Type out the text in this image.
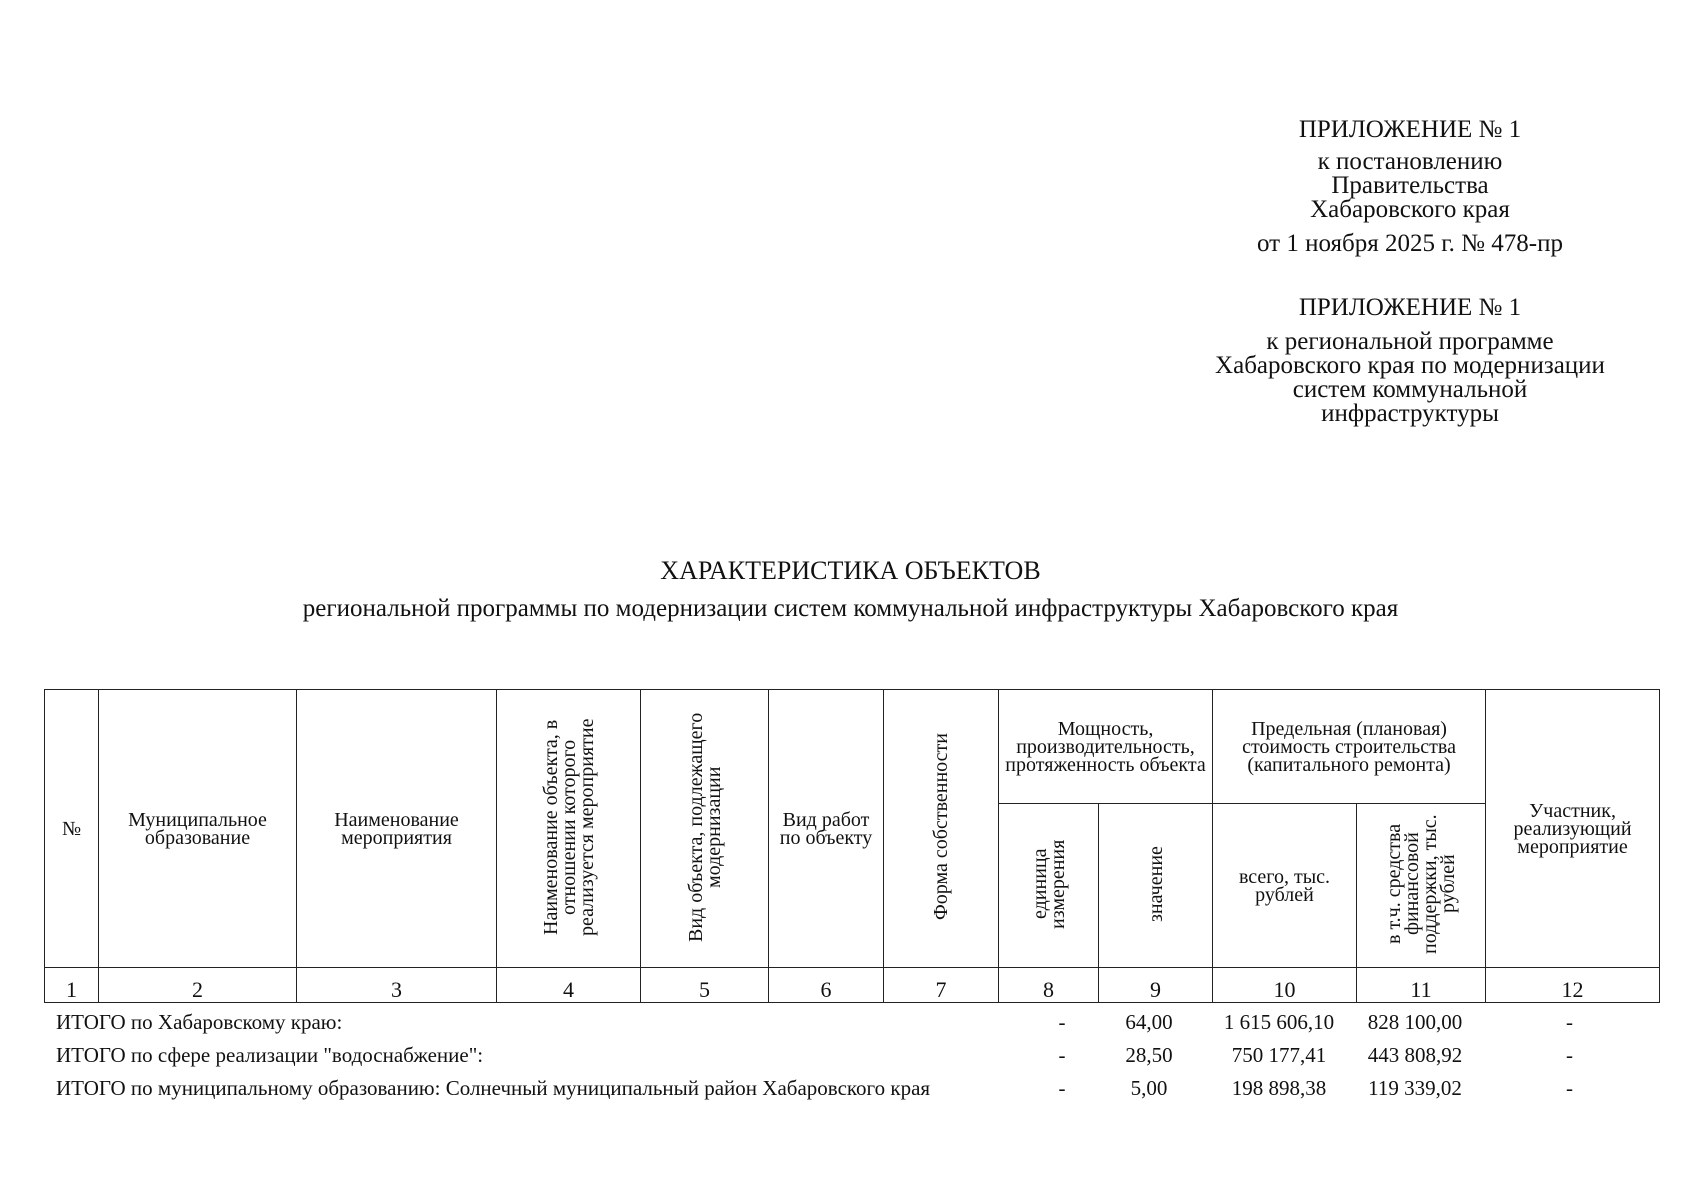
ПРИЛОЖЕНИЕ № 1
к постановлению
Правительства
Хабаровского края
от 1 ноября 2025 г. № 478-пр
ПРИЛОЖЕНИЕ № 1
к региональной программе
Хабаровского края по модернизации
систем коммунальной
инфраструктуры
ХАРАКТЕРИСТИКА ОБЪЕКТОВ
региональной программы по модернизации систем коммунальной инфраструктуры Хабаровского края
№	Муниципальное образование	Наименование мероприятия	Наименование объекта, в отношении которого реализуется мероприятие	Вид объекта, подлежащего модернизации	Вид работ по объекту	Форма собственности	Мощность, производительность, протяженность объекта		Предельная (плановая) стоимость строительства (капитального ремонта)		Участник, реализующий мероприятие
							единица измерения	значение	всего, тыс. рублей	в т.ч. средства финансовой поддержки, тыс. рублей	
1	2	3	4	5	6	7	8	9	10	11	12
ИТОГО по Хабаровскому краю:	-	64,00	1 615 606,10	828 100,00	-
ИТОГО по сфере реализации "водоснабжение":	-	28,50	750 177,41	443 808,92	-
ИТОГО по муниципальному образованию: Солнечный муниципальный район Хабаровского края	-	5,00	198 898,38	119 339,02	-
